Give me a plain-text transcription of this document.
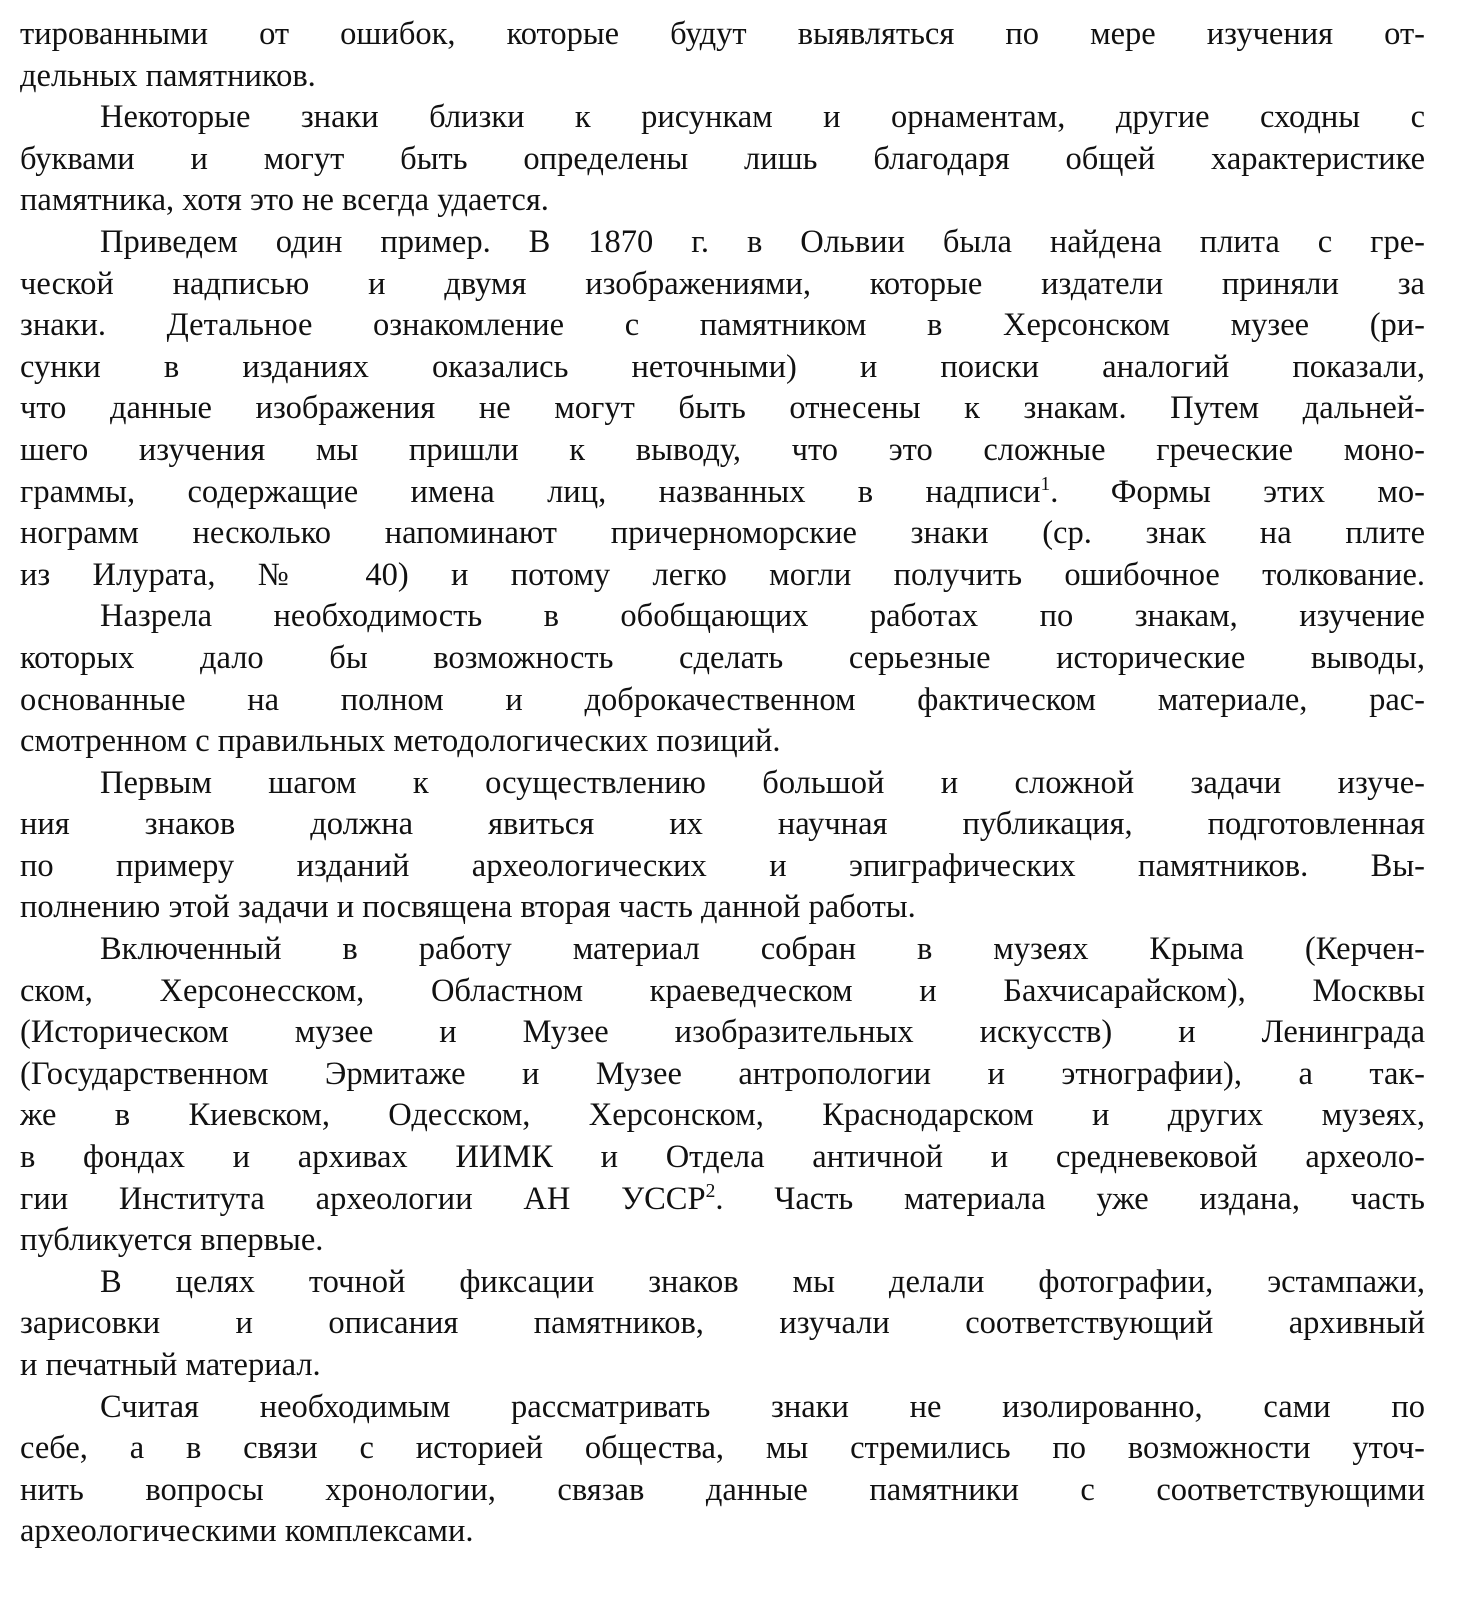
тированными от ошибок, которые будут выявляться по мере изучения от-
дельных памятников.
Некоторые знаки близки к рисункам и орнаментам, другие сходны с
буквами и могут быть определены лишь благодаря общей характеристике
памятника, хотя это не всегда удается.
Приведем один пример. В 1870 г. в Ольвии была найдена плита с гре-
ческой надписью и двумя изображениями, которые издатели приняли за
знаки. Детальное ознакомление с памятником в Херсонском музее (ри-
сунки в изданиях оказались неточными) и поиски аналогий показали,
что данные изображения не могут быть отнесены к знакам. Путем дальней-
шего изучения мы пришли к выводу, что это сложные греческие моно-
граммы, содержащие имена лиц, названных в надписи$^1$. Формы этих мо-
нограмм несколько напоминают причерноморские знаки (ср. знак на плите
из Илурата, № 40) и потому легко могли получить ошибочное толкование.
Назрела необходимость в обобщающих работах по знакам, изучение
которых дало бы возможность сделать серьезные исторические выводы,
основанные на полном и доброкачественном фактическом материале, рас-
смотренном с правильных методологических позиций.
Первым шагом к осуществлению большой и сложной задачи изуче-
ния знаков должна явиться их научная публикация, подготовленная
по примеру изданий археологических и эпиграфических памятников. Вы-
полнению этой задачи и посвящена вторая часть данной работы.
Включенный в работу материал собран в музеях Крыма (Керчен-
ском, Херсонесском, Областном краеведческом и Бахчисарайском), Москвы
(Историческом музее и Музее изобразительных искусств) и Ленинграда
(Государственном Эрмитаже и Музее антропологии и этнографии), а так-
же в Киевском, Одесском, Херсонском, Краснодарском и других музеях,
в фондах и архивах ИИМК и Отдела античной и средневековой археоло-
гии Института археологии АН УССР$^2$. Часть материала уже издана, часть
публикуется впервые.
В целях точной фиксации знаков мы делали фотографии, эстампажи,
зарисовки и описания памятников, изучали соответствующий архивный
и печатный материал.
Считая необходимым рассматривать знаки не изолированно, сами по
себе, а в связи с историей общества, мы стремились по возможности уточ-
нить вопросы хронологии, связав данные памятники с соответствующими
археологическими комплексами.
